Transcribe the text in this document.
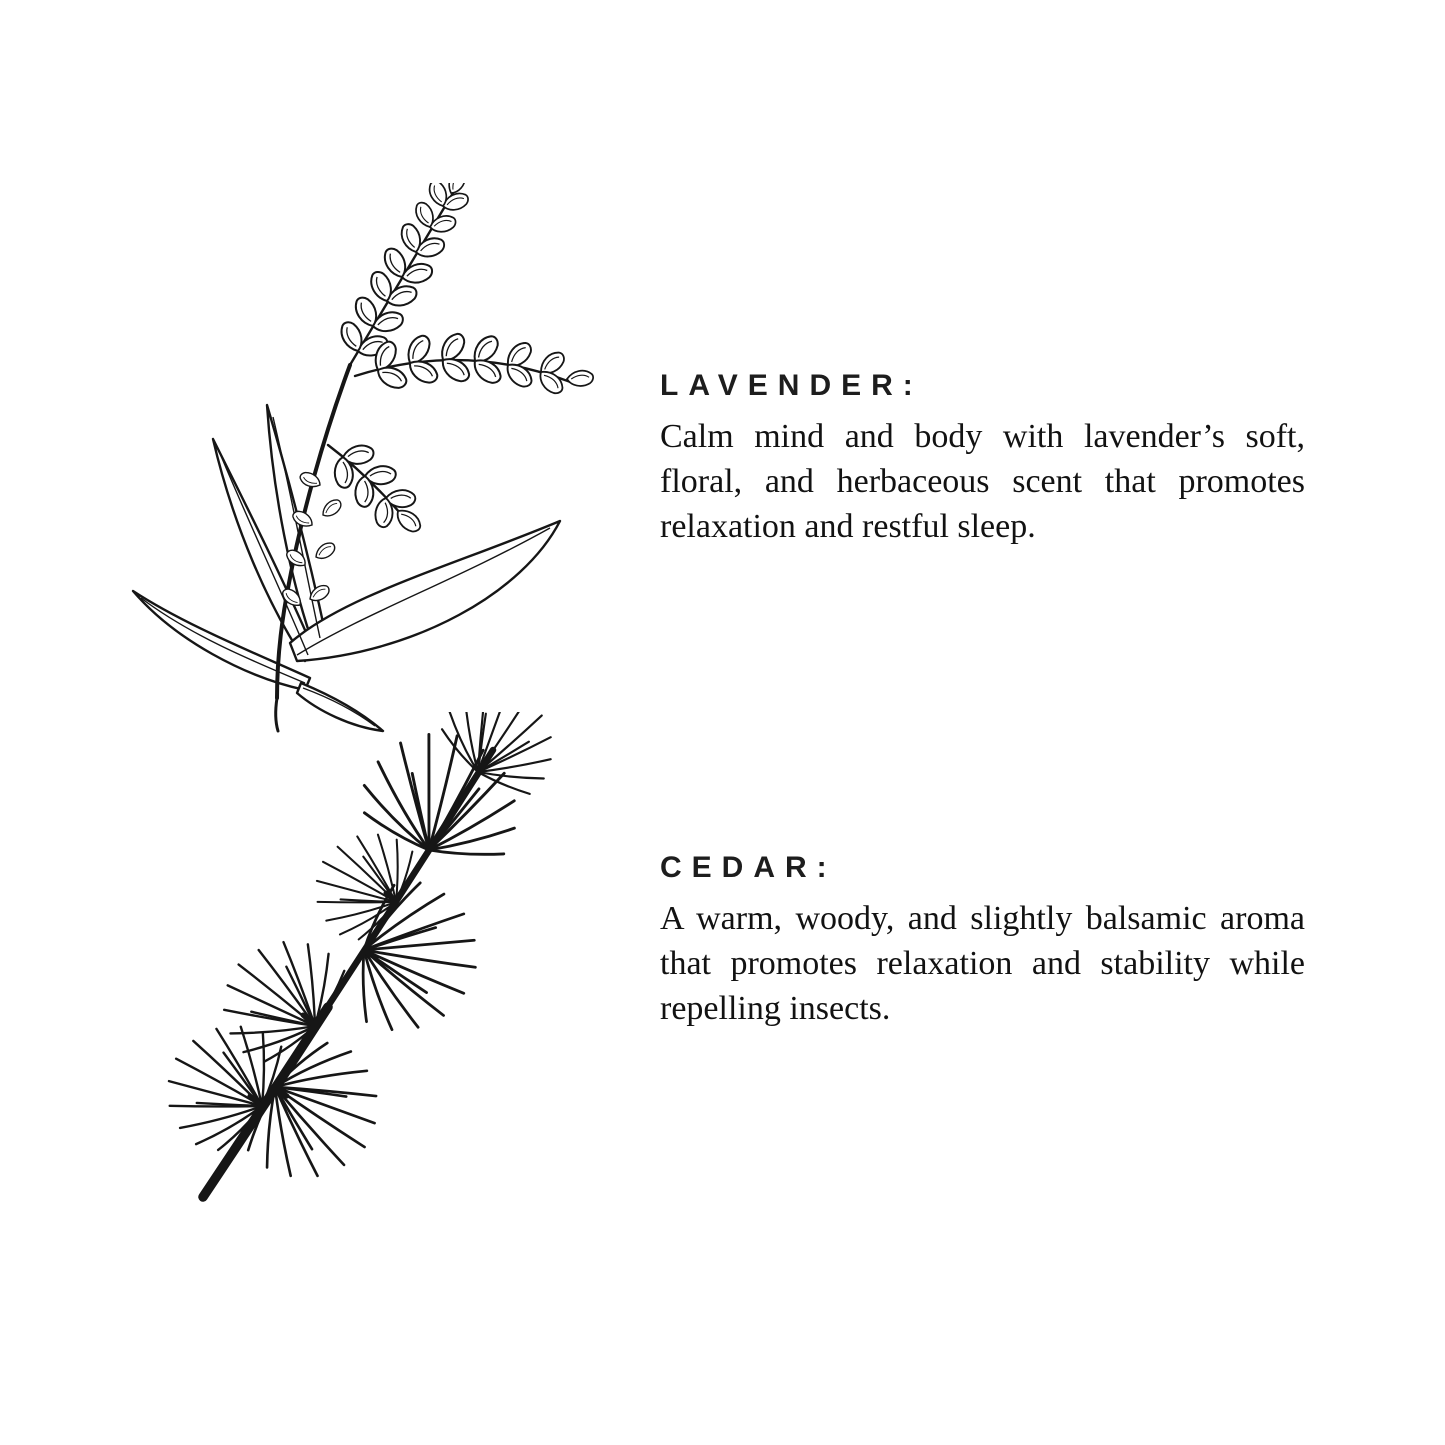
LAVENDER:
Calm mind and body with lavender’s soft,
floral, and herbaceous scent that promotes
relaxation and restful sleep.
CEDAR:
A warm, woody, and slightly balsamic aroma
that promotes relaxation and stability while
repelling insects.
